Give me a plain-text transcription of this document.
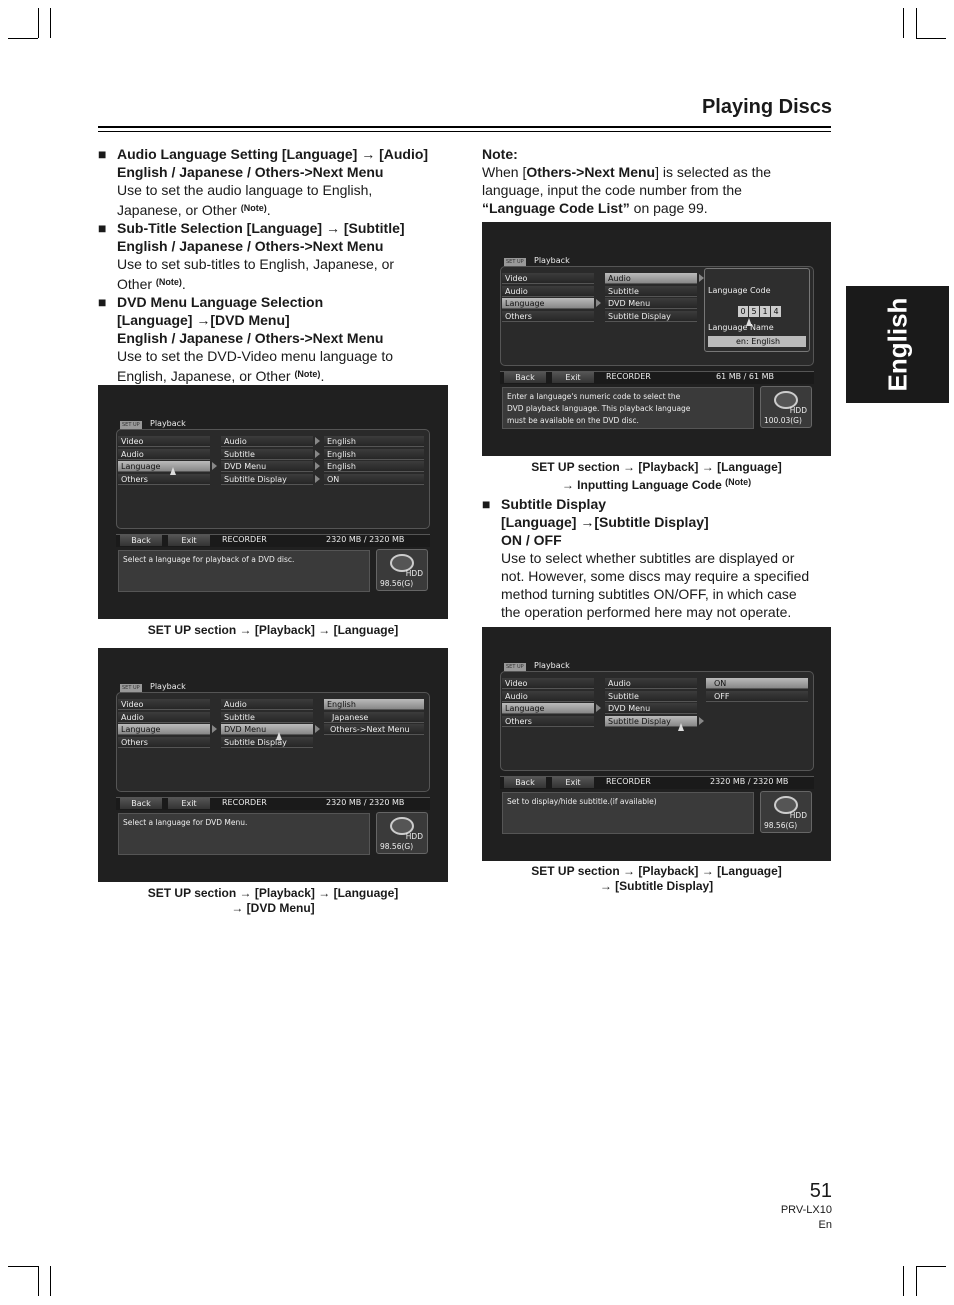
Playing Discs
English
■ Audio Language Setting [Language] → [Audio]
English / Japanese / Others->Next Menu
Use to set the audio language to English,
Japanese, or Other $^{(Note)}$.
■ Sub-Title Selection [Language] → [Subtitle]
English / Japanese / Others->Next Menu
Use to set sub-titles to English, Japanese, or
Other $^{(Note)}$.
■ DVD Menu Language Selection
[Language] →[DVD Menu]
English / Japanese / Others->Next Menu
Use to set the DVD-Video menu language to
English, Japanese, or Other $^{(Note)}$.
SET UP Playback
Video
Audio
Language
Others
Audio
Subtitle
DVD Menu
Subtitle Display
English
English
English
ON
Back	Exit	RECORDER	2320 MB / 2320 MB
Select a language for playback of a DVD disc.
HDD
98.56(G)
SET UP section → [Playback] → [Language]
SET UP Playback
Video
Audio
Language
Others
Audio
Subtitle
DVD Menu
Subtitle Display
English
Japanese
Others->Next Menu
Back	Exit	RECORDER	2320 MB / 2320 MB
Select a language for DVD Menu.
HDD
98.56(G)
SET UP section → [Playback] → [Language]
→ [DVD Menu]
Note:
When [Others->Next Menu] is selected as the
language, input the code number from the
“Language Code List” on page 99.
SET UP Playback
Video
Audio
Language
Others
Audio
Subtitle
DVD Menu
Subtitle Display
Language Code
0 5 1 4
Language Name
en: English
Back	Exit	RECORDER	61 MB / 61 MB
Enter a language's numeric code to select the
DVD playback language. This playback language
must be available on the DVD disc.
HDD
100.03(G)
SET UP section → [Playback] → [Language]
→ Inputting Language Code $^{(Note)}$
■ Subtitle Display
[Language] →[Subtitle Display]
ON / OFF
Use to select whether subtitles are displayed or
not. However, some discs may require a specified
method turning subtitles ON/OFF, in which case
the operation performed here may not operate.
SET UP Playback
Video
Audio
Language
Others
Audio
Subtitle
DVD Menu
Subtitle Display
ON
OFF
Back	Exit	RECORDER	2320 MB / 2320 MB
Set to display/hide subtitle.(if available)
HDD
98.56(G)
SET UP section → [Playback] → [Language]
→ [Subtitle Display]
51
PRV-LX10
En
